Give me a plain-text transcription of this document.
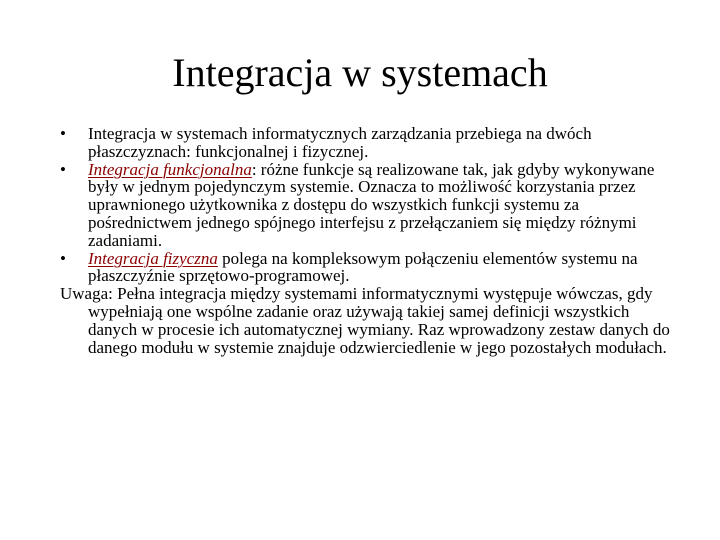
Integracja w systemach

•	Integracja w systemach informatycznych zarządzania przebiega na dwóch płaszczyznach: funkcjonalnej i fizycznej.

•	Integracja funkcjonalna: różne funkcje są realizowane tak, jak gdyby wykonywane były w jednym pojedynczym systemie. Oznacza to możliwość korzystania przez uprawnionego użytkownika z dostępu do wszystkich funkcji systemu za pośrednictwem jednego spójnego interfejsu z przełączaniem się między różnymi zadaniami.

•	Integracja fizyczna polega na kompleksowym połączeniu elementów systemu na płaszczyźnie sprzętowo-programowej.

Uwaga: Pełna integracja między systemami informatycznymi występuje wówczas, gdy wypełniają one wspólne zadanie oraz używają takiej samej definicji wszystkich danych w procesie ich automatycznej wymiany. Raz wprowadzony zestaw danych do danego modułu w systemie znajduje odzwierciedlenie w jego pozostałych modułach.
